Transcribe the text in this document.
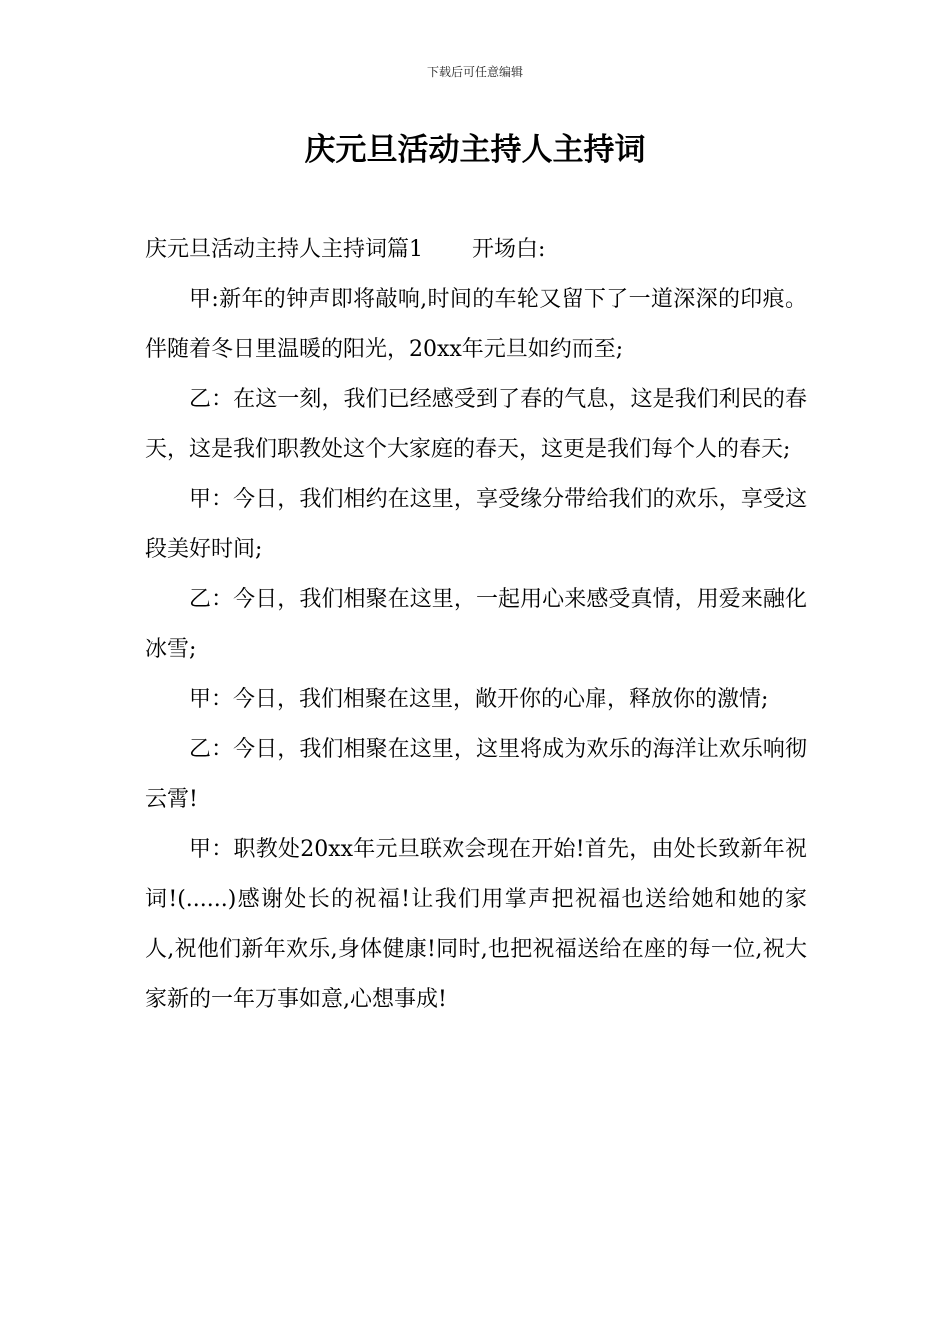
下载后可任意编辑
庆元旦活动主持人主持词

庆元旦活动主持人主持词篇1 开场白:

甲:新年的钟声即将敲响,时间的车轮又留下了一道深深的印痕。伴随着冬日里温暖的阳光，20xx年元旦如约而至;

乙：在这一刻，我们已经感受到了春的气息，这是我们利民的春天，这是我们职教处这个大家庭的春天，这更是我们每个人的春天;

甲：今日，我们相约在这里，享受缘分带给我们的欢乐，享受这段美好时间;

乙：今日，我们相聚在这里，一起用心来感受真情，用爱来融化冰雪;

甲：今日，我们相聚在这里，敞开你的心扉，释放你的激情;

乙：今日，我们相聚在这里，这里将成为欢乐的海洋让欢乐响彻云霄!

甲：职教处20xx年元旦联欢会现在开始!首先，由处长致新年祝词!(......)感谢处长的祝福!让我们用掌声把祝福也送给她和她的家 人,祝他们新年欢乐,身体健康!同时,也把祝福送给在座的每一位,祝大家新的一年万事如意,心想事成!
